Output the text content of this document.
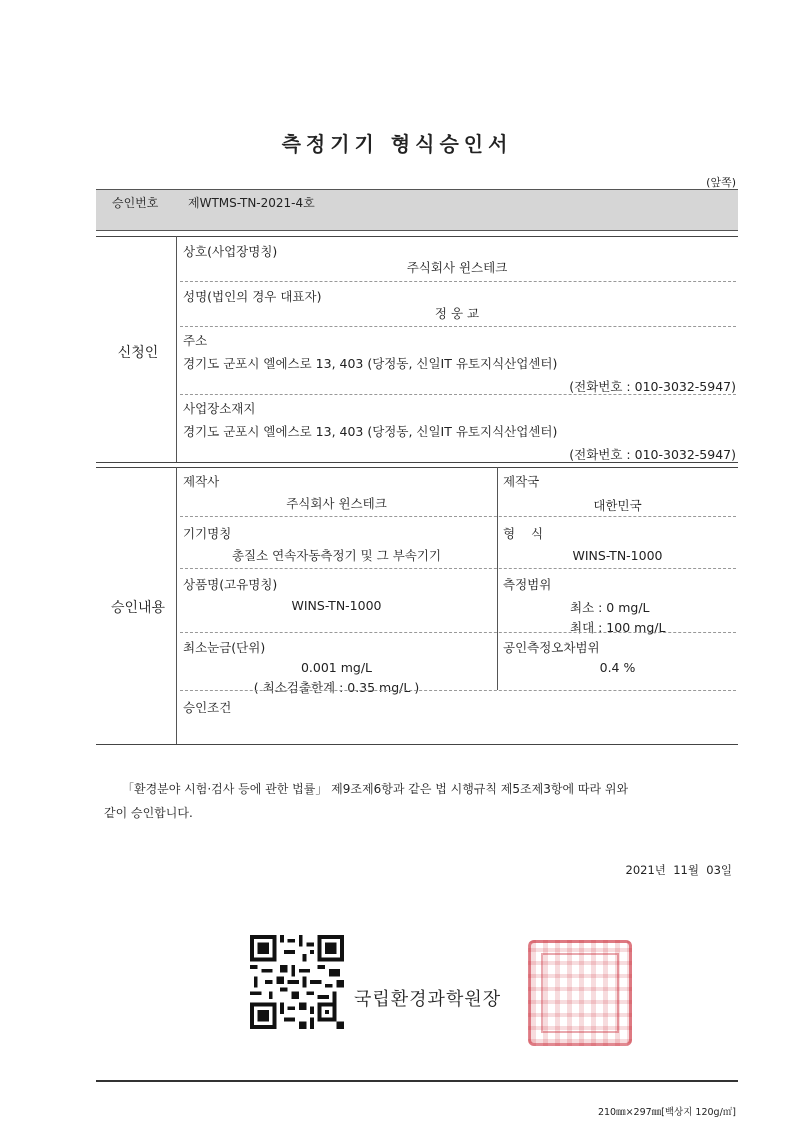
측정기기 형식승인서
(앞쪽)
승인번호 제WTMS-TN-2021-4호
신청인
상호(사업장명칭)
주식회사 윈스테크
성명(법인의 경우 대표자)
정 웅 교
주소
경기도 군포시 엘에스로 13, 403 (당정동, 신일IT 유토지식산업센터)
(전화번호 : 010-3032-5947)
사업장소재지
경기도 군포시 엘에스로 13, 403 (당정동, 신일IT 유토지식산업센터)
(전화번호 : 010-3032-5947)
승인내용
제작사
주식회사 윈스테크
제작국
대한민국
기기명칭
총질소 연속자동측정기 및 그 부속기기
형    식
WINS-TN-1000
상품명(고유명칭)
WINS-TN-1000
측정범위
최소 : 0 mg/L
최대 : 100 mg/L
최소눈금(단위)
0.001 mg/L
( 최소검출한계 : 0.35 mg/L )
공인측정오차범위
0.4 %
승인조건
「환경분야 시험·검사 등에 관한 법률」 제9조제6항과 같은 법 시행규칙 제5조제3항에 따라 위와
같이 승인합니다.
2021년  11월  03일
국립환경과학원장
210㎜×297㎜[백상지 120g/㎡]
